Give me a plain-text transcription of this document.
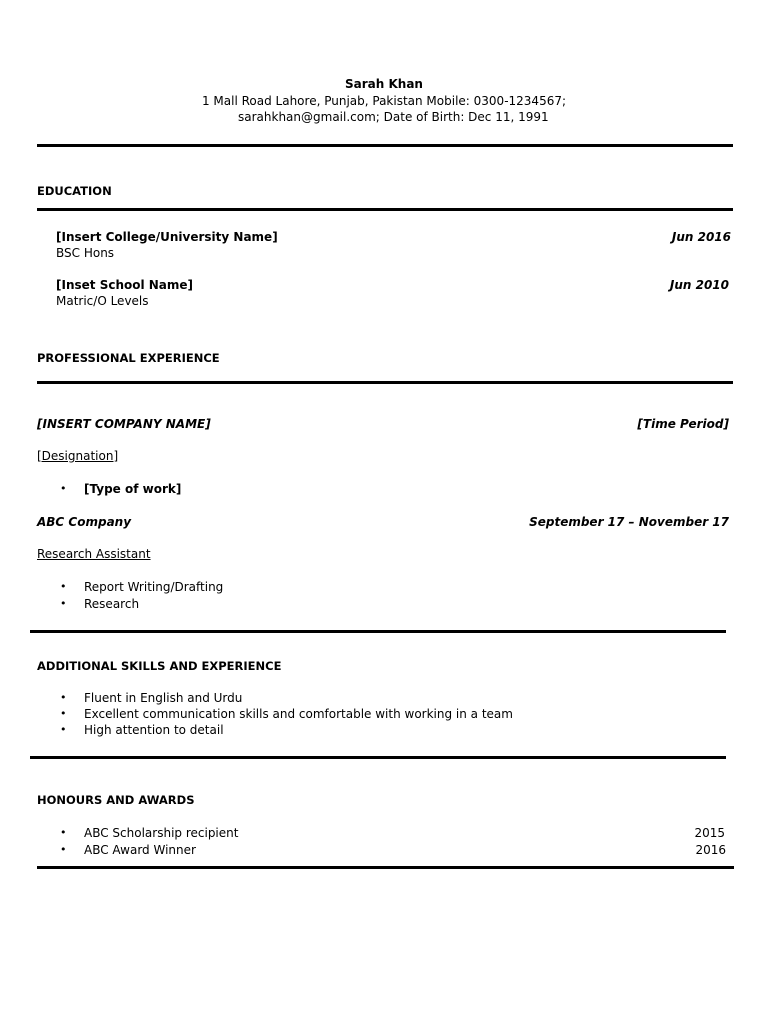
Sarah Khan
1 Mall Road Lahore, Punjab, Pakistan Mobile: 0300-1234567;
sarahkhan@gmail.com; Date of Birth: Dec 11, 1991
EDUCATION
[Insert College/University Name]	Jun 2016
BSC Hons
[Inset School Name]	Jun 2010
Matric/O Levels
PROFESSIONAL EXPERIENCE
[INSERT COMPANY NAME]	[Time Period]
[Designation]
• [Type of work]
ABC Company	September 17 – November 17
Research Assistant
• Report Writing/Drafting
• Research
ADDITIONAL SKILLS AND EXPERIENCE
• Fluent in English and Urdu
• Excellent communication skills and comfortable with working in a team
• High attention to detail
HONOURS AND AWARDS
• ABC Scholarship recipient	2015
• ABC Award Winner	2016
